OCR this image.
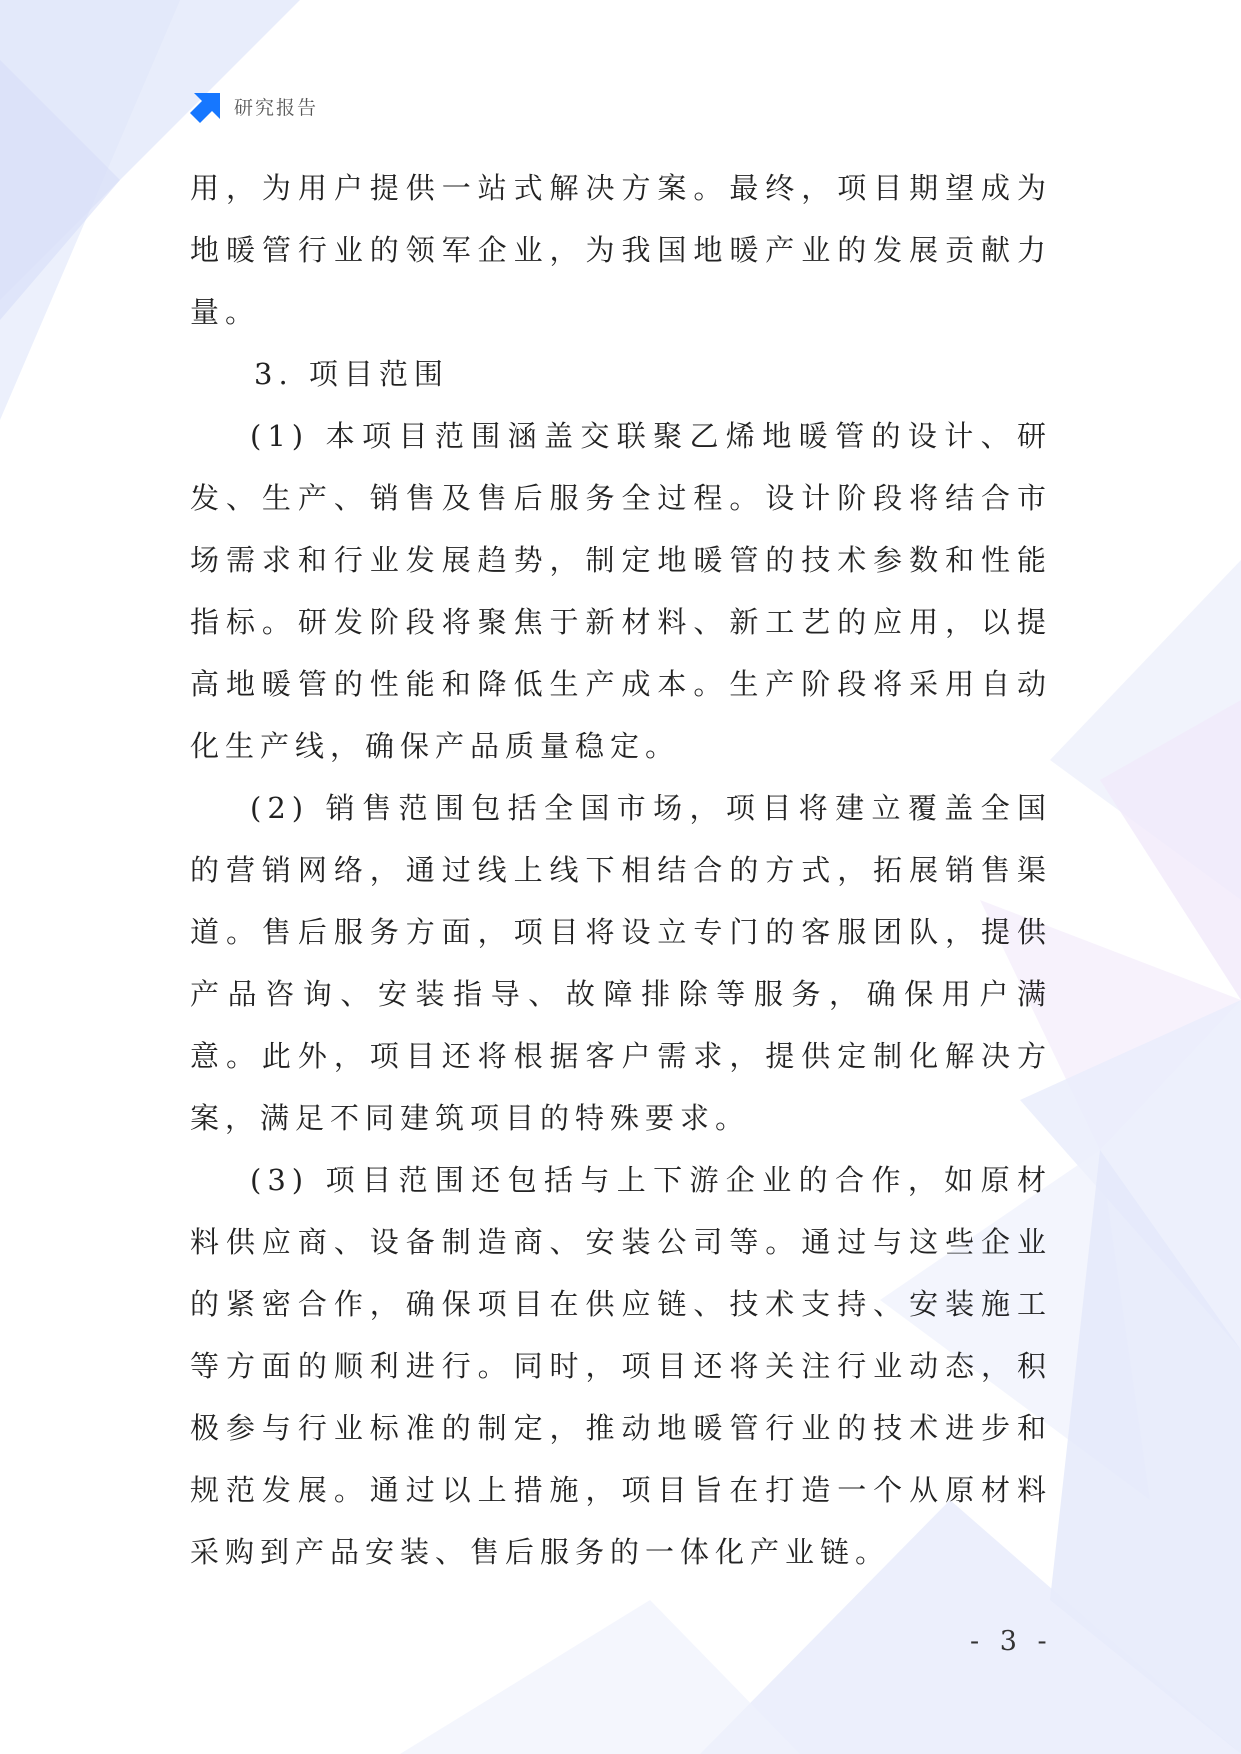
研究报告

用，为用户提供一站式解决方案。最终，项目期望成为地暖管行业的领军企业，为我国地暖产业的发展贡献力量。

3. 项目范围

(1) 本项目范围涵盖交联聚乙烯地暖管的设计、研发、生产、销售及售后服务全过程。设计阶段将结合市场需求和行业发展趋势，制定地暖管的技术参数和性能指标。研发阶段将聚焦于新材料、新工艺的应用，以提高地暖管的性能和降低生产成本。生产阶段将采用自动化生产线，确保产品质量稳定。

(2) 销售范围包括全国市场，项目将建立覆盖全国的营销网络，通过线上线下相结合的方式，拓展销售渠道。售后服务方面，项目将设立专门的客服团队，提供产品咨询、安装指导、故障排除等服务，确保用户满意。此外，项目还将根据客户需求，提供定制化解决方案，满足不同建筑项目的特殊要求。

(3) 项目范围还包括与上下游企业的合作，如原材料供应商、设备制造商、安装公司等。通过与这些企业的紧密合作，确保项目在供应链、技术支持、安装施工等方面的顺利进行。同时，项目还将关注行业动态，积极参与行业标准的制定，推动地暖管行业的技术进步和规范发展。通过以上措施，项目旨在打造一个从原材料采购到产品安装、售后服务的一体化产业链。

- 3 -
